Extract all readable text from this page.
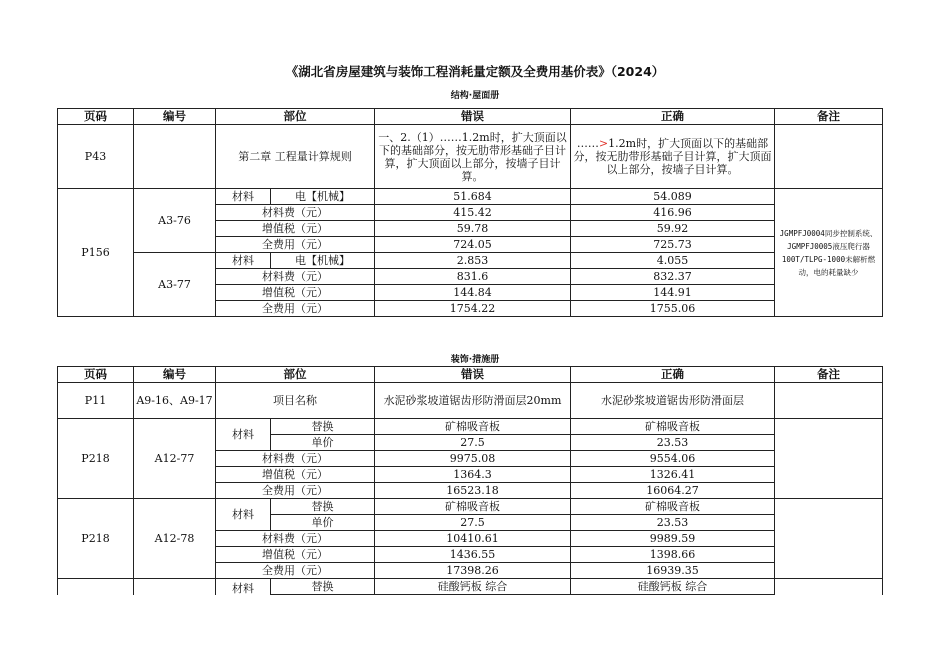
《湖北省房屋建筑与装饰工程消耗量定额及全费用基价表》（2024）
结构·屋面册
页码	编号	部位		错误	正确	备注
P43		第二章 工程量计算规则		一、2.（1）……1.2m时，扩大顶面以下的基础部分，按无肋带形基础子目计算，扩大顶面以上部分，按墙子目计算。	……>1.2m时，扩大顶面以下的基础部分，按无肋带形基础子目计算，扩大顶面以上部分，按墙子目计算。	
P156	A3-76	材料	电【机械】	51.684	54.089	JGMPFJ0004同步控制系统、JGMPFJ0005液压爬行器 100T/TLPG-1000未解析燃动，电的耗量缺少
		材料费（元）		415.42	416.96	
		增值税（元）		59.78	59.92	
		全费用（元）		724.05	725.73	
	A3-77	材料	电【机械】	2.853	4.055	
		材料费（元）		831.6	832.37	
		增值税（元）		144.84	144.91	
		全费用（元）		1754.22	1755.06	
装饰·措施册
页码	编号	部位		错误	正确	备注
P11	A9-16、A9-17	项目名称		水泥砂浆坡道锯齿形防滑面层20mm	水泥砂浆坡道锯齿形防滑面层	
P218	A12-77	材料	替换	矿棉吸音板	矿棉吸音板	
			单价	27.5	23.53	
		材料费（元）		9975.08	9554.06	
		增值税（元）		1364.3	1326.41	
		全费用（元）		16523.18	16064.27	
P218	A12-78	材料	替换	矿棉吸音板	矿棉吸音板	
			单价	27.5	23.53	
		材料费（元）		10410.61	9989.59	
		增值税（元）		1436.55	1398.66	
		全费用（元）		17398.26	16939.35	
		材料	替换	硅酸钙板 综合	硅酸钙板 综合	
